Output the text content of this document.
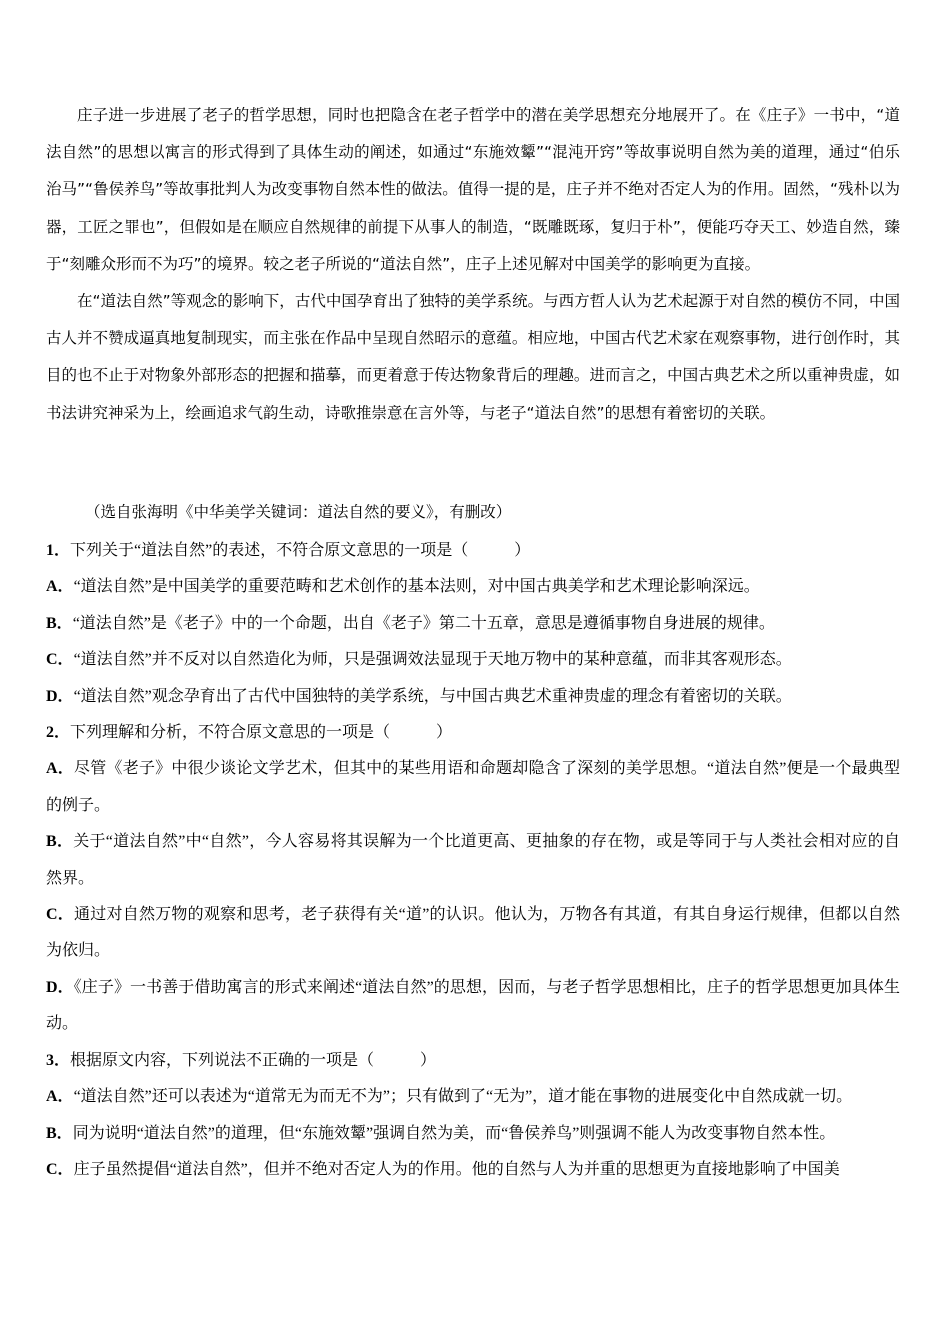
庄子进一步进展了老子的哲学思想，同时也把隐含在老子哲学中的潜在美学思想充分地展开了。在《庄子》一书中，“道法自然”的思想以寓言的形式得到了具体生动的阐述，如通过“东施效颦”“混沌开窍”等故事说明自然为美的道理，通过“伯乐治马”“鲁侯养鸟”等故事批判人为改变事物自然本性的做法。值得一提的是，庄子并不绝对否定人为的作用。固然，“残朴以为器，工匠之罪也”，但假如是在顺应自然规律的前提下从事人的制造，“既雕既琢，复归于朴”，便能巧夺天工、妙造自然，臻于“刻雕众形而不为巧”的境界。较之老子所说的“道法自然”，庄子上述见解对中国美学的影响更为直接。

在“道法自然”等观念的影响下，古代中国孕育出了独特的美学系统。与西方哲人认为艺术起源于对自然的模仿不同，中国古人并不赞成逼真地复制现实，而主张在作品中呈现自然昭示的意蕴。相应地，中国古代艺术家在观察事物，进行创作时，其目的也不止于对物象外部形态的把握和描摹，而更着意于传达物象背后的理趣。进而言之，中国古典艺术之所以重神贵虚，如书法讲究神采为上，绘画追求气韵生动，诗歌推崇意在言外等，与老子“道法自然”的思想有着密切的关联。

（选自张海明《中华美学关键词：道法自然的要义》，有删改）

1．下列关于“道法自然”的表述，不符合原文意思的一项是（	）

A．“道法自然”是中国美学的重要范畴和艺术创作的基本法则，对中国古典美学和艺术理论影响深远。

B．“道法自然”是《老子》中的一个命题，出自《老子》第二十五章，意思是遵循事物自身进展的规律。

C．“道法自然”并不反对以自然造化为师，只是强调效法显现于天地万物中的某种意蕴，而非其客观形态。

D．“道法自然”观念孕育出了古代中国独特的美学系统，与中国古典艺术重神贵虚的理念有着密切的关联。

2．下列理解和分析，不符合原文意思的一项是（	）

A．尽管《老子》中很少谈论文学艺术，但其中的某些用语和命题却隐含了深刻的美学思想。“道法自然”便是一个最典型的例子。

B．关于“道法自然”中“自然”，今人容易将其误解为一个比道更高、更抽象的存在物，或是等同于与人类社会相对应的自然界。

C．通过对自然万物的观察和思考，老子获得有关“道”的认识。他认为，万物各有其道，有其自身运行规律，但都以自然为依归。

D．《庄子》一书善于借助寓言的形式来阐述“道法自然”的思想，因而，与老子哲学思想相比，庄子的哲学思想更加具体生动。

3．根据原文内容，下列说法不正确的一项是（	）

A．“道法自然”还可以表述为“道常无为而无不为”；只有做到了“无为”，道才能在事物的进展变化中自然成就一切。

B．同为说明“道法自然”的道理，但“东施效颦”强调自然为美，而“鲁侯养鸟”则强调不能人为改变事物自然本性。

C．庄子虽然提倡“道法自然”，但并不绝对否定人为的作用。他的自然与人为并重的思想更为直接地影响了中国美
